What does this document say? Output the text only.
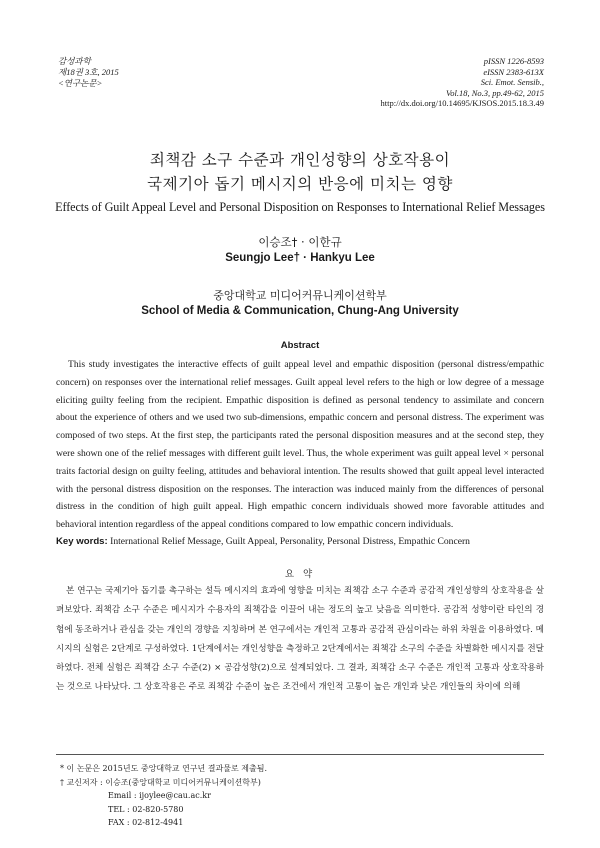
감성과학
제18권 3호, 2015
<연구논문>
pISSN 1226-8593
eISSN 2383-613X
Sci. Emot. Sensib.,
Vol.18, No.3, pp.49-62, 2015
http://dx.doi.org/10.14695/KJSOS.2015.18.3.49
죄책감 소구 수준과 개인성향의 상호작용이
국제기아 돕기 메시지의 반응에 미치는 영향
Effects of Guilt Appeal Level and Personal Disposition on Responses to International Relief Messages
이승조† · 이한규
Seungjo Lee† · Hankyu Lee
중앙대학교 미디어커뮤니케이션학부
School of Media & Communication, Chung-Ang University
Abstract

This study investigates the interactive effects of guilt appeal level and empathic disposition (personal distress/empathic concern) on responses over the international relief messages. Guilt appeal level refers to the high or low degree of a message eliciting guilty feeling from the recipient. Empathic disposition is defined as personal tendency to assimilate and concern about the experience of others and we used two sub-dimensions, empathic concern and personal distress. The experiment was composed of two steps. At the first step, the participants rated the personal disposition measures and at the second step, they were shown one of the relief messages with different guilt level. Thus, the whole experiment was guilt appeal level × personal traits factorial design on guilty feeling, attitudes and behavioral intention. The results showed that guilt appeal level interacted with the personal distress disposition on the responses. The interaction was induced mainly from the differences of personal distress in the condition of high guilt appeal. High empathic concern individuals showed more favorable attitudes and behavioral intention regardless of the appeal conditions compared to low empathic concern individuals.

Key words: International Relief Message, Guilt Appeal, Personality, Personal Distress, Empathic Concern

요 약

본 연구는 국제기아 돕기를 촉구하는 설득 메시지의 효과에 영향을 미치는 죄책감 소구 수준과 공감적 개인성향의 상호작용을 살펴보았다. 죄책감 소구 수준은 메시지가 수용자의 죄책감을 이끌어 내는 정도의 높고 낮음을 의미한다. 공감적 성향이란 타인의 경험에 동조하거나 관심을 갖는 개인의 경향을 지칭하며 본 연구에서는 개인적 고통과 공감적 관심이라는 하위 차원을 이용하였다. 메시지의 실험은 2단계로 구성하였다. 1단계에서는 개인성향을 측정하고 2단계에서는 죄책감 소구의 수준을 차별화한 메시지를 전달하였다. 전체 실험은 죄책감 소구 수준(2) × 공감성향(2)으로 설계되었다. 그 결과, 죄책감 소구 수준은 개인적 고통과 상호작용하는 것으로 나타났다. 그 상호작용은 주로 죄책감 수준이 높은 조건에서 개인적 고통이 높은 개인과 낮은 개인들의 차이에 의해

* 이 논문은 2015년도 중앙대학교 연구년 결과물로 제출됨.
† 교신저자 : 이승조(중앙대학교 미디어커뮤니케이션학부)
Email : ijoylee@cau.ac.kr
TEL : 02-820-5780
FAX : 02-812-4941
